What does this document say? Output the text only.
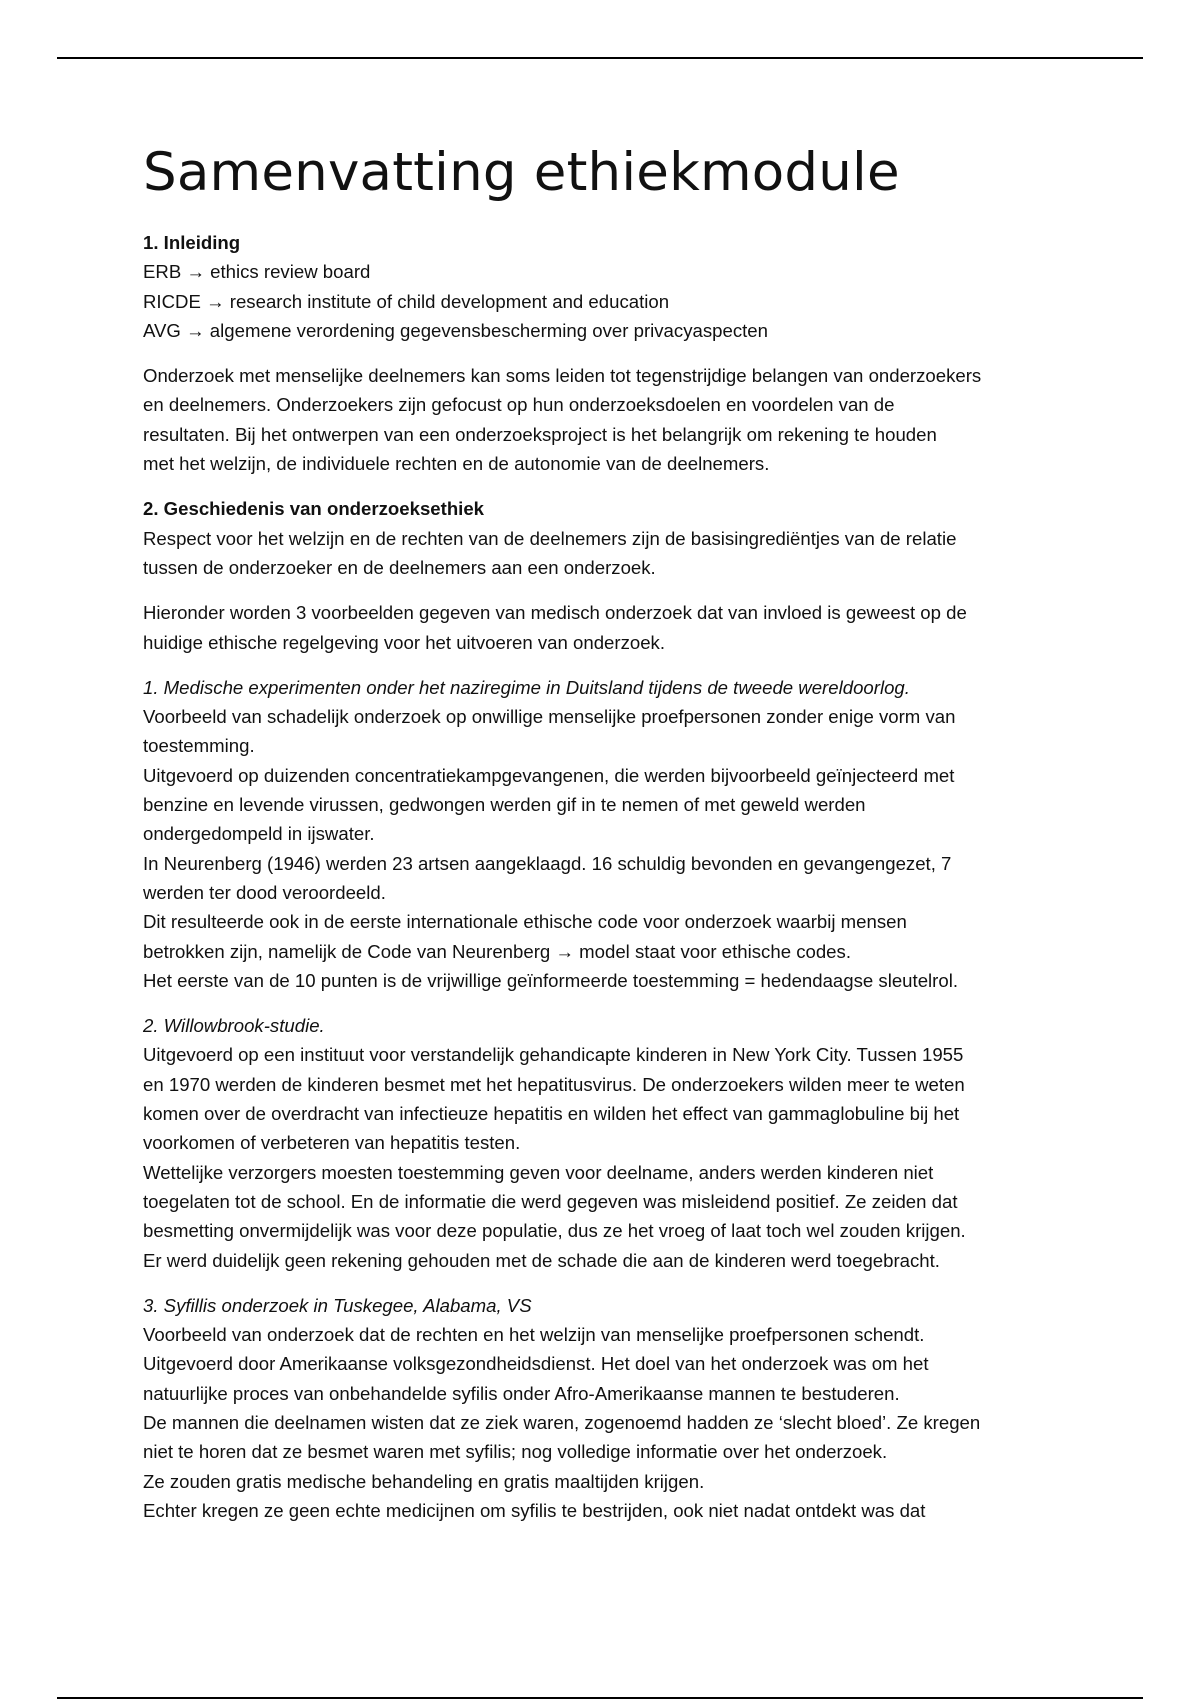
Samenvatting ethiekmodule
1. Inleiding
ERB → ethics review board
RICDE → research institute of child development and education
AVG → algemene verordening gegevensbescherming over privacyaspecten
Onderzoek met menselijke deelnemers kan soms leiden tot tegenstrijdige belangen van onderzoekers
en deelnemers. Onderzoekers zijn gefocust op hun onderzoeksdoelen en voordelen van de
resultaten. Bij het ontwerpen van een onderzoeksproject is het belangrijk om rekening te houden
met het welzijn, de individuele rechten en de autonomie van de deelnemers.
2. Geschiedenis van onderzoeksethiek
Respect voor het welzijn en de rechten van de deelnemers zijn de basisingrediëntjes van de relatie
tussen de onderzoeker en de deelnemers aan een onderzoek.
Hieronder worden 3 voorbeelden gegeven van medisch onderzoek dat van invloed is geweest op de
huidige ethische regelgeving voor het uitvoeren van onderzoek.
1. Medische experimenten onder het naziregime in Duitsland tijdens de tweede wereldoorlog.
Voorbeeld van schadelijk onderzoek op onwillige menselijke proefpersonen zonder enige vorm van
toestemming.
Uitgevoerd op duizenden concentratiekampgevangenen, die werden bijvoorbeeld geïnjecteerd met
benzine en levende virussen, gedwongen werden gif in te nemen of met geweld werden
ondergedompeld in ijswater.
In Neurenberg (1946) werden 23 artsen aangeklaagd. 16 schuldig bevonden en gevangengezet, 7
werden ter dood veroordeeld.
Dit resulteerde ook in de eerste internationale ethische code voor onderzoek waarbij mensen
betrokken zijn, namelijk de Code van Neurenberg → model staat voor ethische codes.
Het eerste van de 10 punten is de vrijwillige geïnformeerde toestemming = hedendaagse sleutelrol.
2. Willowbrook-studie.
Uitgevoerd op een instituut voor verstandelijk gehandicapte kinderen in New York City. Tussen 1955
en 1970 werden de kinderen besmet met het hepatitusvirus. De onderzoekers wilden meer te weten
komen over de overdracht van infectieuze hepatitis en wilden het effect van gammaglobuline bij het
voorkomen of verbeteren van hepatitis testen.
Wettelijke verzorgers moesten toestemming geven voor deelname, anders werden kinderen niet
toegelaten tot de school. En de informatie die werd gegeven was misleidend positief. Ze zeiden dat
besmetting onvermijdelijk was voor deze populatie, dus ze het vroeg of laat toch wel zouden krijgen.
Er werd duidelijk geen rekening gehouden met de schade die aan de kinderen werd toegebracht.
3. Syfillis onderzoek in Tuskegee, Alabama, VS
Voorbeeld van onderzoek dat de rechten en het welzijn van menselijke proefpersonen schendt.
Uitgevoerd door Amerikaanse volksgezondheidsdienst. Het doel van het onderzoek was om het
natuurlijke proces van onbehandelde syfilis onder Afro-Amerikaanse mannen te bestuderen.
De mannen die deelnamen wisten dat ze ziek waren, zogenoemd hadden ze ‘slecht bloed’. Ze kregen
niet te horen dat ze besmet waren met syfilis; nog volledige informatie over het onderzoek.
Ze zouden gratis medische behandeling en gratis maaltijden krijgen.
Echter kregen ze geen echte medicijnen om syfilis te bestrijden, ook niet nadat ontdekt was dat
